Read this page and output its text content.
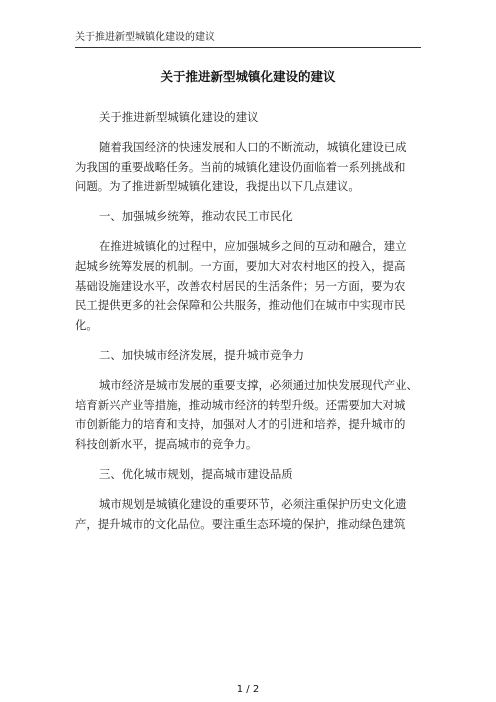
关于推进新型城镇化建设的建议
关于推进新型城镇化建设的建议
关于推进新型城镇化建设的建议
随着我国经济的快速发展和人口的不断流动，城镇化建设已成
为我国的重要战略任务。当前的城镇化建设仍面临着一系列挑战和
问题。为了推进新型城镇化建设，我提出以下几点建议。
一、加强城乡统筹，推动农民工市民化
在推进城镇化的过程中，应加强城乡之间的互动和融合，建立
起城乡统筹发展的机制。一方面，要加大对农村地区的投入，提高
基础设施建设水平，改善农村居民的生活条件；另一方面，要为农
民工提供更多的社会保障和公共服务，推动他们在城市中实现市民
化。
二、加快城市经济发展，提升城市竞争力
城市经济是城市发展的重要支撑，必须通过加快发展现代产业、
培育新兴产业等措施，推动城市经济的转型升级。还需要加大对城
市创新能力的培育和支持，加强对人才的引进和培养，提升城市的
科技创新水平，提高城市的竞争力。
三、优化城市规划，提高城市建设品质
城市规划是城镇化建设的重要环节，必须注重保护历史文化遗
产，提升城市的文化品位。要注重生态环境的保护，推动绿色建筑
1 / 2
